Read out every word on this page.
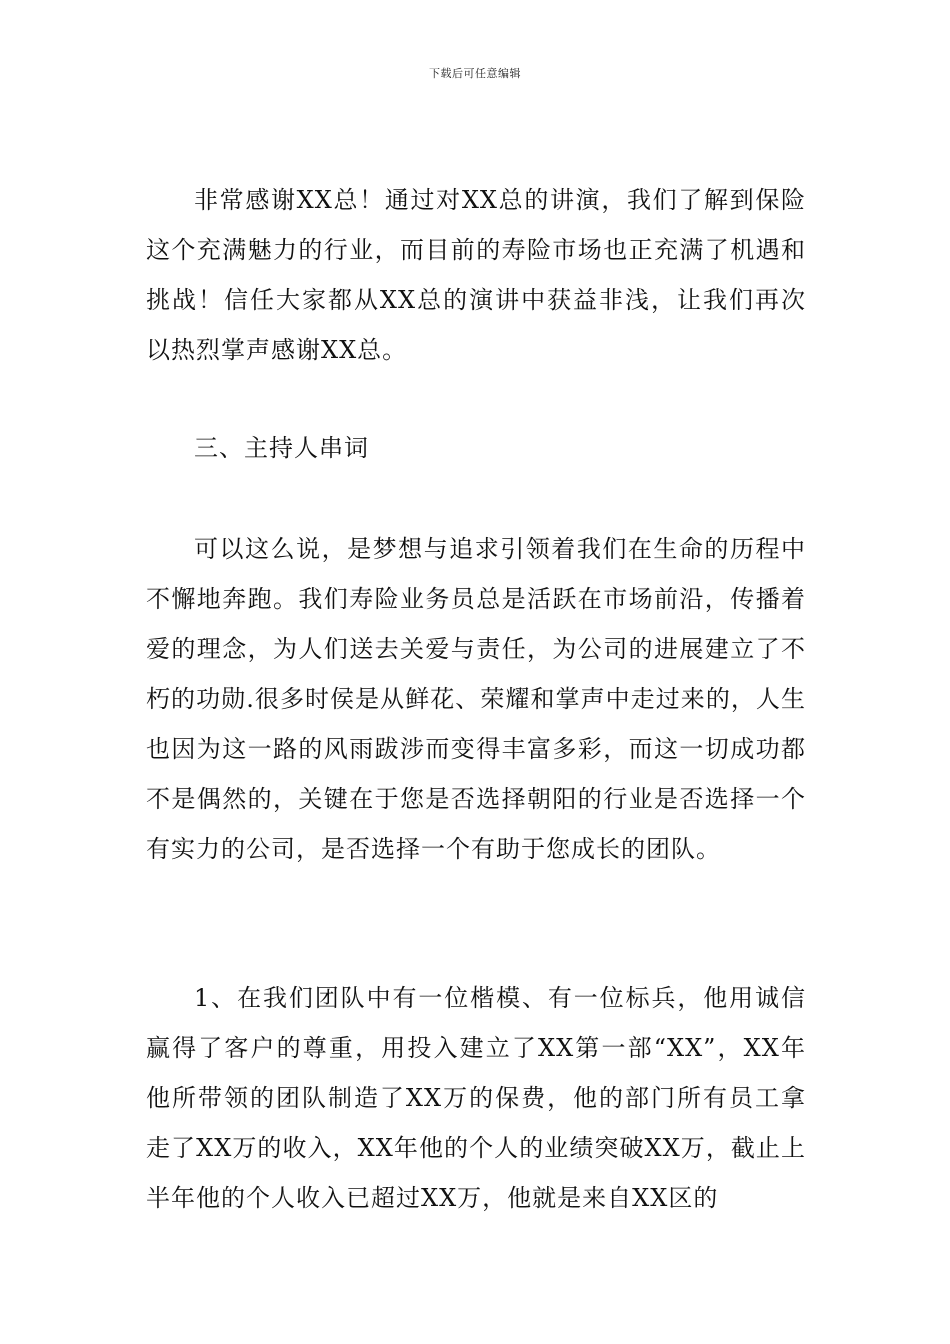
下载后可任意编辑

非常感谢XX总！通过对XX总的讲演，我们了解到保险这个充满魅力的行业，而目前的寿险市场也正充满了机遇和挑战！信任大家都从XX总的演讲中获益非浅，让我们再次以热烈掌声感谢XX总。

三、主持人串词

可以这么说，是梦想与追求引领着我们在生命的历程中不懈地奔跑。我们寿险业务员总是活跃在市场前沿，传播着爱的理念，为人们送去关爱与责任，为公司的进展建立了不朽的功勋.很多时侯是从鲜花、荣耀和掌声中走过来的，人生也因为这一路的风雨跋涉而变得丰富多彩，而这一切成功都不是偶然的，关键在于您是否选择朝阳的行业是否选择一个有实力的公司，是否选择一个有助于您成长的团队。

1、在我们团队中有一位楷模、有一位标兵，他用诚信赢得了客户的尊重，用投入建立了XX第一部“XX”，XX年他所带领的团队制造了XX万的保费，他的部门所有员工拿走了XX万的收入，XX年他的个人的业绩突破XX万，截止上半年他的个人收入已超过XX万，他就是来自XX区的
